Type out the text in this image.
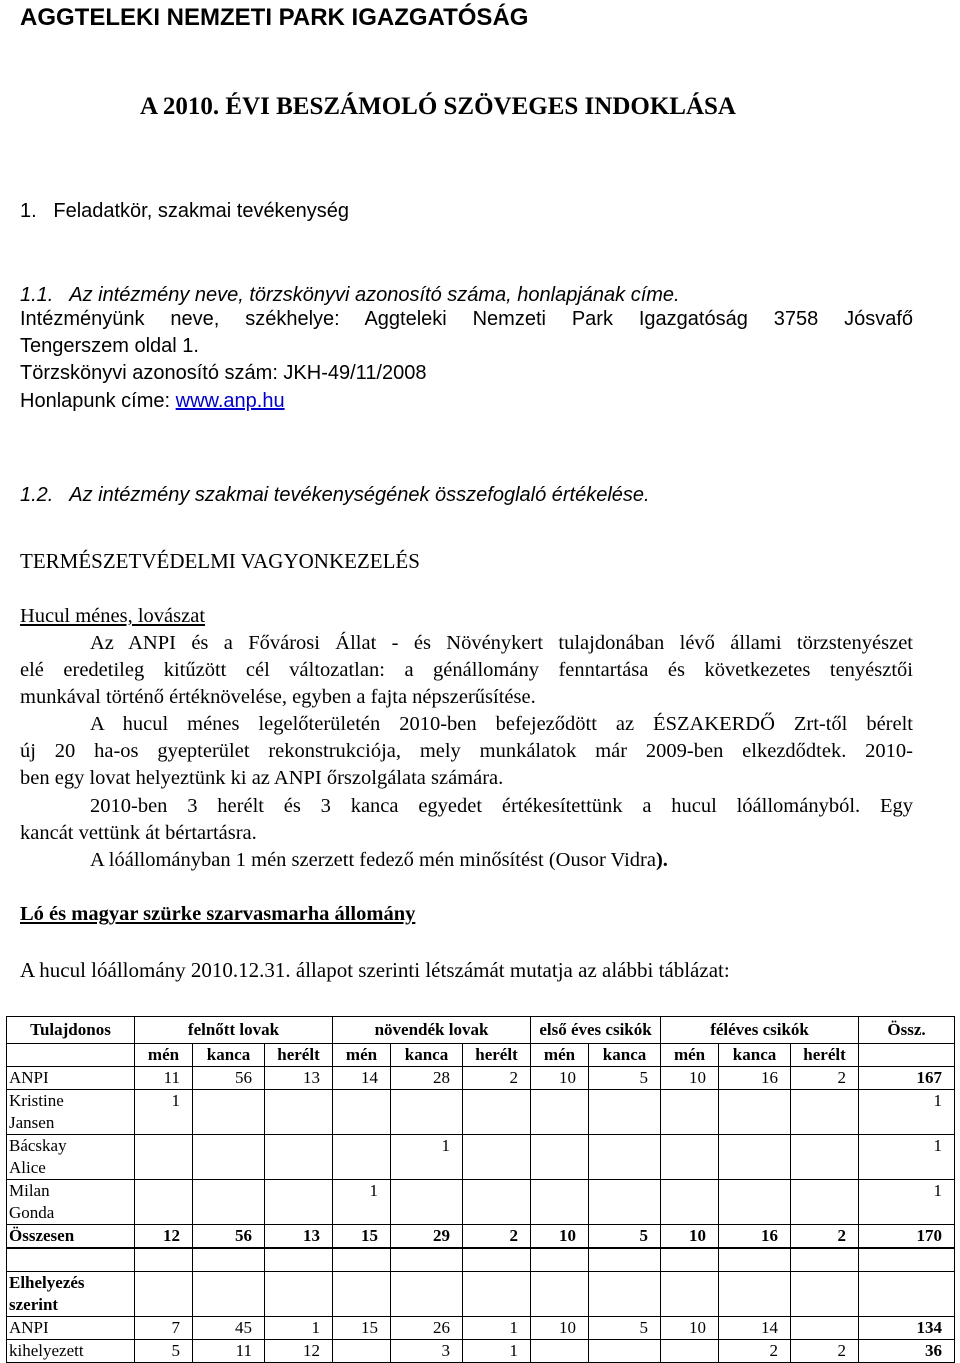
AGGTELEKI NEMZETI PARK IGAZGATÓSÁG
A 2010. ÉVI BESZÁMOLÓ SZÖVEGES INDOKLÁSA
1.   Feladatkör, szakmai tevékenység
1.1.   Az intézmény neve, törzskönyvi azonosító száma, honlapjának címe.
Intézményünk neve, székhelye: Aggteleki Nemzeti Park Igazgatóság 3758 Jósvafő
Tengerszem oldal 1.
Törzskönyvi azonosító szám: JKH-49/11/2008
Honlapunk címe: www.anp.hu
1.2.   Az intézmény szakmai tevékenységének összefoglaló értékelése.
TERMÉSZETVÉDELMI VAGYONKEZELÉS
Hucul ménes, lovászat
Az ANPI és a Fővárosi Állat - és Növénykert tulajdonában lévő állami törzstenyészet
elé eredetileg kitűzött cél változatlan: a génállomány fenntartása és következetes tenyésztői
munkával történő értéknövelése, egyben a fajta népszerűsítése.
A hucul ménes legelőterületén 2010-ben befejeződött az ÉSZAKERDŐ Zrt-től bérelt
új 20 ha-os gyepterület rekonstrukciója, mely munkálatok már 2009-ben elkezdődtek. 2010-
ben egy lovat helyeztünk ki az ANPI őrszolgálata számára.
2010-ben 3 herélt és 3 kanca egyedet értékesítettünk a hucul lóállományból. Egy
kancát vettünk át bértartásra.
A lóállományban 1 mén szerzett fedező mén minősítést (Ousor Vidra).
Ló és magyar szürke szarvasmarha állomány
A hucul lóállomány 2010.12.31. állapot szerinti létszámát mutatja az alábbi táblázat:
Tulajdonos	felnőtt lovak			növendék lovak			első éves csikók		féléves csikók			Össz.
	mén	kanca	herélt	mén	kanca	herélt	mén	kanca	mén	kanca	herélt	
ANPI	11	56	13	14	28	2	10	5	10	16	2	167
Kristine
Jansen	1											1
Bácskay
Alice					1							1
Milan
Gonda				1								1
Összesen	12	56	13	15	29	2	10	5	10	16	2	170

Elhelyezés szerint												
ANPI	7	45	1	15	26	1	10	5	10	14		134
kihelyezett	5	11	12		3	1				2	2	36
